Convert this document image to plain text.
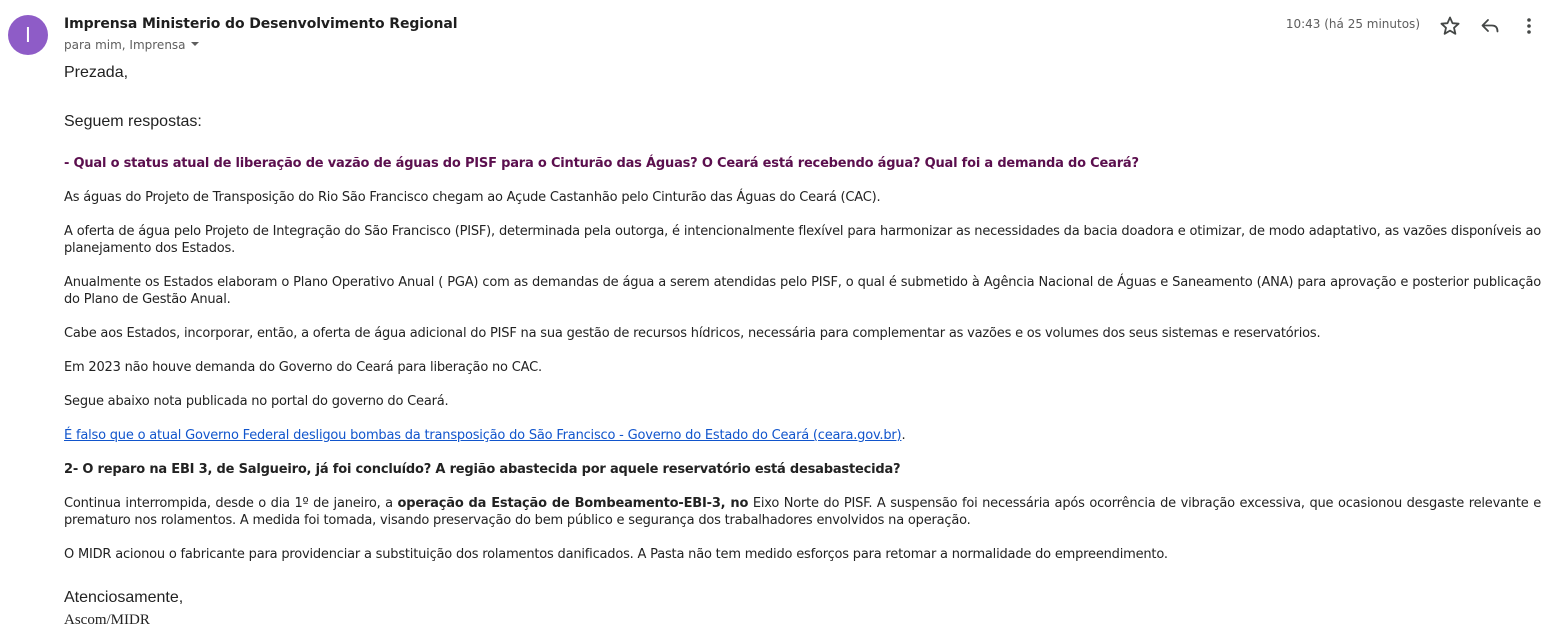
I	Imprensa Ministerio do Desenvolvimento Regional
para mim, Imprensa
10:43 (há 25 minutos)

Prezada,

Seguem respostas:

- Qual o status atual de liberação de vazão de águas do PISF para o Cinturão das Águas? O Ceará está recebendo água? Qual foi a demanda do Ceará?

As águas do Projeto de Transposição do Rio São Francisco chegam ao Açude Castanhão pelo Cinturão das Águas do Ceará (CAC).

A oferta de água pelo Projeto de Integração do São Francisco (PISF), determinada pela outorga, é intencionalmente flexível para harmonizar as necessidades da bacia doadora e otimizar, de modo adaptativo, as vazões disponíveis ao planejamento dos Estados.

Anualmente os Estados elaboram o Plano Operativo Anual ( PGA) com as demandas de água a serem atendidas pelo PISF, o qual é submetido à Agência Nacional de Águas e Saneamento (ANA) para aprovação e posterior publicação do Plano de Gestão Anual.

Cabe aos Estados, incorporar, então, a oferta de água adicional do PISF na sua gestão de recursos hídricos, necessária para complementar as vazões e os volumes dos seus sistemas e reservatórios.

Em 2023 não houve demanda do Governo do Ceará para liberação no CAC.

Segue abaixo nota publicada no portal do governo do Ceará.

É falso que o atual Governo Federal desligou bombas da transposição do São Francisco - Governo do Estado do Ceará (ceara.gov.br).

2- O reparo na EBI 3, de Salgueiro, já foi concluído? A região abastecida por aquele reservatório está desabastecida?

Continua interrompida, desde o dia 1º de janeiro, a operação da Estação de Bombeamento-EBI-3, no Eixo Norte do PISF. A suspensão foi necessária após ocorrência de vibração excessiva, que ocasionou desgaste relevante e prematuro nos rolamentos. A medida foi tomada, visando preservação do bem público e segurança dos trabalhadores envolvidos na operação.

O MIDR acionou o fabricante para providenciar a substituição dos rolamentos danificados. A Pasta não tem medido esforços para retomar a normalidade do empreendimento.

Atenciosamente,

Ascom/MIDR
